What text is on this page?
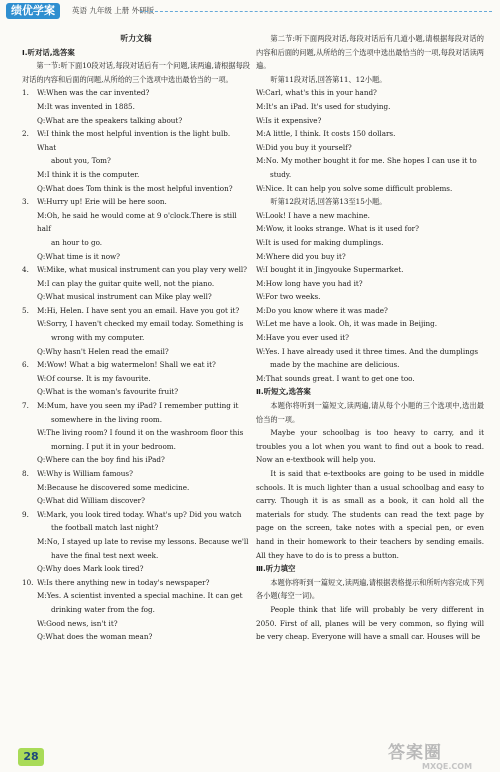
绩优学案	英语 九年级 上册 外研版

听力文稿

Ⅰ.听对话,选答案

第一节:听下面10段对话,每段对话后有一个问题,读两遍,请根据每段对话的内容和后面的问题,从所给的三个选项中选出最恰当的一项。

1.	W:When was the car invented?

M:It was invented in 1885.

Q:What are the speakers talking about?

2.	W:I think the most helpful invention is the light bulb. What

about you, Tom?

M:I think it is the computer.

Q:What does Tom think is the most helpful invention?

3.	W:Hurry up! Erie will be here soon.

M:Oh, he said he would come at 9 o'clock.There is still half

an hour to go.

Q:What time is it now?

4.	W:Mike, what musical instrument can you play very well?

M:I can play the guitar quite well, not the piano.

Q:What musical instrument can Mike play well?

5.	M:Hi, Helen. I have sent you an email. Have you got it?

W:Sorry, I haven't checked my email today. Something is

wrong with my computer.

Q:Why hasn't Helen read the email?

6.	M:Wow! What a big watermelon! Shall we eat it?

W:Of course. It is my favourite.

Q:What is the woman's favourite fruit?

7.	M:Mum, have you seen my iPad? I remember putting it

somewhere in the living room.

W:The living room? I found it on the washroom floor this

morning. I put it in your bedroom.

Q:Where can the boy find his iPad?

8.	W:Why is William famous?

M:Because he discovered some medicine.

Q:What did William discover?

9.	W:Mark, you look tired today. What's up? Did you watch

the football match last night?

M:No, I stayed up late to revise my lessons. Because we'll

have the final test next week.

Q:Why does Mark look tired?

10. W:Is there anything new in today's newspaper?

M:Yes. A scientist invented a special machine. It can get

drinking water from the fog.

W:Good news, isn't it?

Q:What does the woman mean?

第二节:听下面两段对话,每段对话后有几道小题,请根据每段对话的内容和后面的问题,从所给的三个选项中选出最恰当的一项,每段对话读两遍。

听第11段对话,回答第11、12小题。

W:Carl, what's this in your hand?

M:It's an iPad. It's used for studying.

W:Is it expensive?

M:A little, I think. It costs 150 dollars.

W:Did you buy it yourself?

M:No. My mother bought it for me. She hopes I can use it to

study.

W:Nice. It can help you solve some difficult problems.

听第12段对话,回答第13至15小题。

W:Look! I have a new machine.

M:Wow, it looks strange. What is it used for?

W:It is used for making dumplings.

M:Where did you buy it?

W:I bought it in Jingyouke Supermarket.

M:How long have you had it?

W:For two weeks.

M:Do you know where it was made?

W:Let me have a look. Oh, it was made in Beijing.

M:Have you ever used it?

W:Yes. I have already used it three times. And the dumplings

made by the machine are delicious.

M:That sounds great. I want to get one too.

Ⅱ.听短文,选答案

本题你将听到一篇短文,读两遍,请从每个小题的三个选项中,选出最恰当的一项。

Maybe your schoolbag is too heavy to carry, and it troubles you a lot when you want to find out a book to read. Now an e-textbook will help you.

It is said that e-textbooks are going to be used in middle schools. It is much lighter than a usual schoolbag and easy to carry. Though it is as small as a book, it can hold all the materials for study. The students can read the text page by page on the screen, take notes with a special pen, or even hand in their homework to their teachers by sending emails. All they have to do is to press a button.

Ⅲ.听力填空

本题你将听到一篇短文,读两遍,请根据表格提示和所听内容完成下列各小题(每空一词)。

People think that life will probably be very different in 2050. First of all, planes will be very common, so flying will be very cheap. Everyone will have a small car. Houses will be

28	答案圈
MXQE.COM
